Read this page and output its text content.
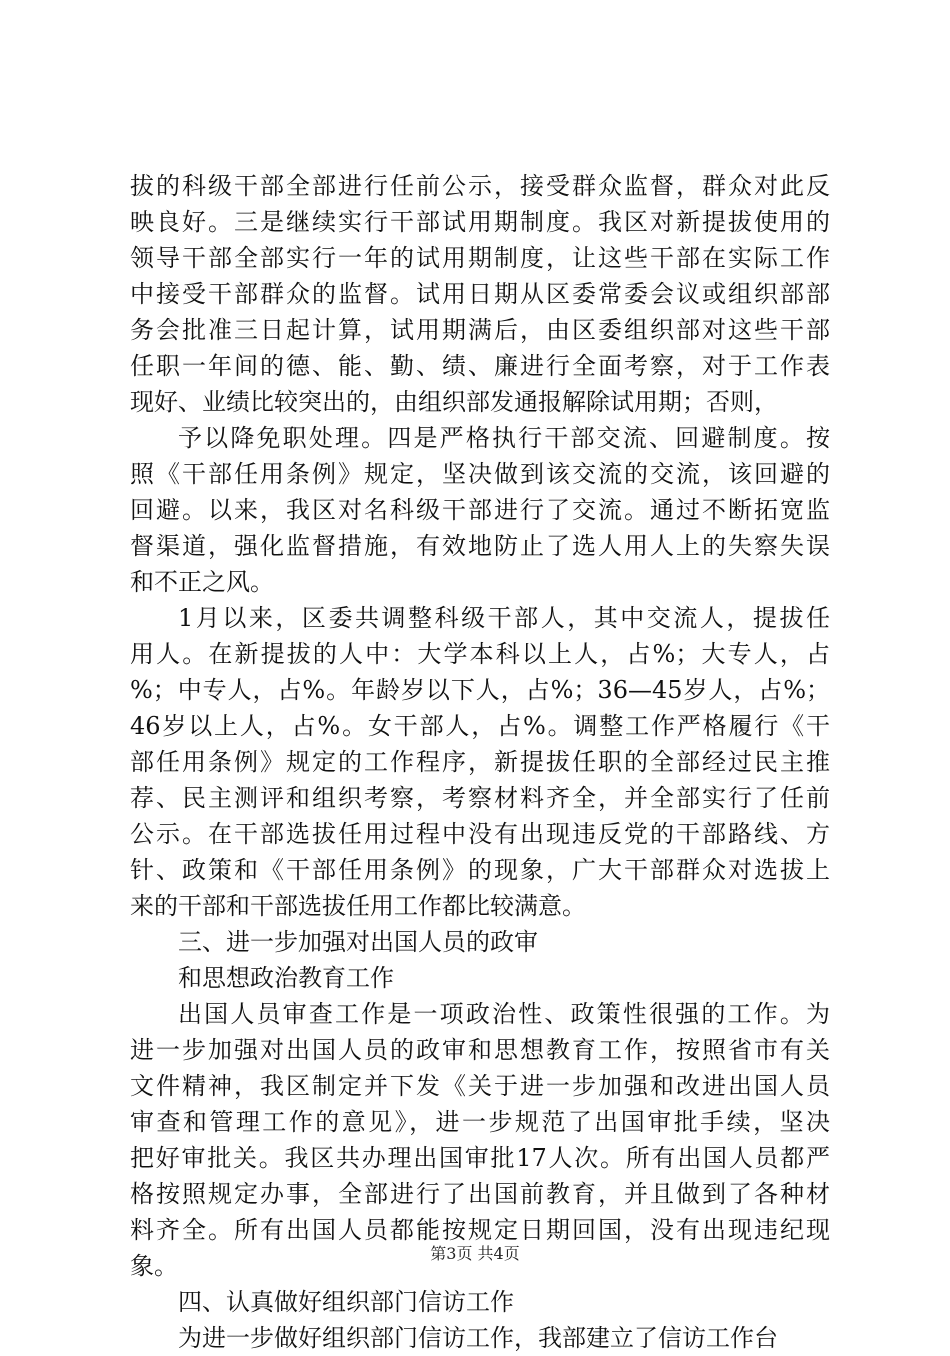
拔的科级干部全部进行任前公示，接受群众监督，群众对此反
映良好。三是继续实行干部试用期制度。我区对新提拔使用的
领导干部全部实行一年的试用期制度，让这些干部在实际工作
中接受干部群众的监督。试用日期从区委常委会议或组织部部
务会批准三日起计算，试用期满后，由区委组织部对这些干部
任职一年间的德、能、勤、绩、廉进行全面考察，对于工作表
现好、业绩比较突出的，由组织部发通报解除试用期；否则，
予以降免职处理。四是严格执行干部交流、回避制度。按
照《干部任用条例》规定，坚决做到该交流的交流，该回避的
回避。以来，我区对名科级干部进行了交流。通过不断拓宽监
督渠道，强化监督措施，有效地防止了选人用人上的失察失误
和不正之风。
1月以来，区委共调整科级干部人，其中交流人，提拔任
用人。在新提拔的人中：大学本科以上人，占%；大专人，占
%；中专人，占%。年龄岁以下人，占%；36—45岁人，占%；
46岁以上人，占%。女干部人，占%。调整工作严格履行《干
部任用条例》规定的工作程序，新提拔任职的全部经过民主推
荐、民主测评和组织考察，考察材料齐全，并全部实行了任前
公示。在干部选拔任用过程中没有出现违反党的干部路线、方
针、政策和《干部任用条例》的现象，广大干部群众对选拔上
来的干部和干部选拔任用工作都比较满意。
三、进一步加强对出国人员的政审
和思想政治教育工作
出国人员审查工作是一项政治性、政策性很强的工作。为
进一步加强对出国人员的政审和思想教育工作，按照省市有关
文件精神，我区制定并下发《关于进一步加强和改进出国人员
审查和管理工作的意见》，进一步规范了出国审批手续，坚决
把好审批关。我区共办理出国审批17人次。所有出国人员都严
格按照规定办事，全部进行了出国前教育，并且做到了各种材
料齐全。所有出国人员都能按规定日期回国，没有出现违纪现
象。
四、认真做好组织部门信访工作
为进一步做好组织部门信访工作，我部建立了信访工作台
第3页 共4页
